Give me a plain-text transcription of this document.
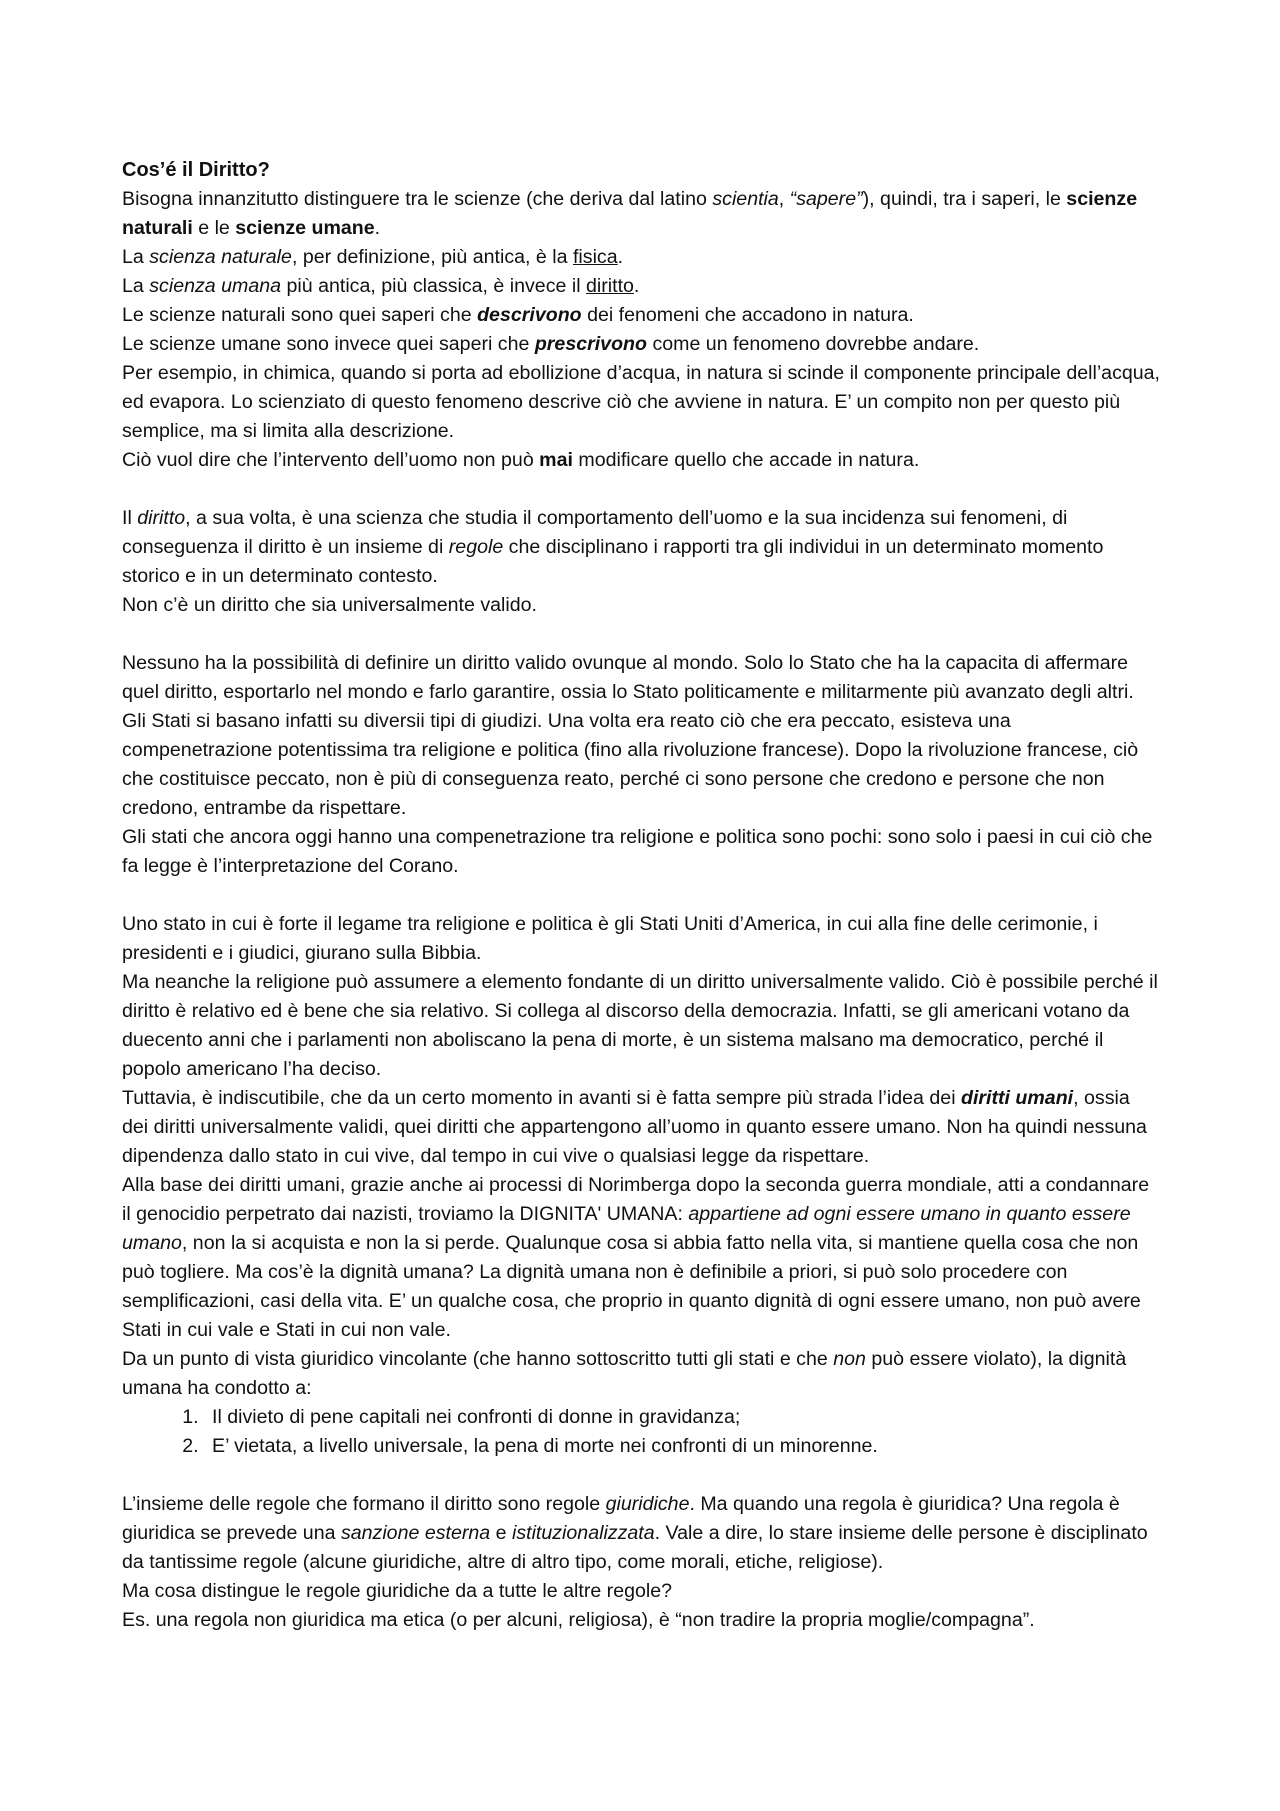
Cos’é il Diritto?

Bisogna innanzitutto distinguere tra le scienze (che deriva dal latino scientia, “sapere”), quindi, tra i saperi, le scienze naturali e le scienze umane.

La scienza naturale, per definizione, più antica, è la fisica.

La scienza umana più antica, più classica, è invece il diritto.

Le scienze naturali sono quei saperi che descrivono dei fenomeni che accadono in natura.

Le scienze umane sono invece quei saperi che prescrivono come un fenomeno dovrebbe andare.

Per esempio, in chimica, quando si porta ad ebollizione d’acqua, in natura si scinde il componente principale dell’acqua, ed evapora. Lo scienziato di questo fenomeno descrive ciò che avviene in natura. E’ un compito non per questo più semplice, ma si limita alla descrizione.

Ciò vuol dire che l’intervento dell’uomo non può mai modificare quello che accade in natura.

Il diritto, a sua volta, è una scienza che studia il comportamento dell’uomo e la sua incidenza sui fenomeni, di conseguenza il diritto è un insieme di regole che disciplinano i rapporti tra gli individui in un determinato momento storico e in un determinato contesto.

Non c’è un diritto che sia universalmente valido.

Nessuno ha la possibilità di definire un diritto valido ovunque al mondo. Solo lo Stato che ha la capacita di affermare quel diritto, esportarlo nel mondo e farlo garantire, ossia lo Stato politicamente e militarmente più avanzato degli altri. Gli Stati si basano infatti su diversii tipi di giudizi. Una volta era reato ciò che era peccato, esisteva una compenetrazione potentissima tra religione e politica (fino alla rivoluzione francese). Dopo la rivoluzione francese, ciò che costituisce peccato, non è più di conseguenza reato, perché ci sono persone che credono e persone che non credono, entrambe da rispettare.

Gli stati che ancora oggi hanno una compenetrazione tra religione e politica sono pochi: sono solo i paesi in cui ciò che fa legge è l’interpretazione del Corano.

Uno stato in cui è forte il legame tra religione e politica è gli Stati Uniti d’America, in cui alla fine delle cerimonie, i presidenti e i giudici, giurano sulla Bibbia.

Ma neanche la religione può assumere a elemento fondante di un diritto universalmente valido. Ciò è possibile perché il diritto è relativo ed è bene che sia relativo. Si collega al discorso della democrazia. Infatti, se gli americani votano da duecento anni che i parlamenti non aboliscano la pena di morte, è un sistema malsano ma democratico, perché il popolo americano l’ha deciso.

Tuttavia, è indiscutibile, che da un certo momento in avanti si è fatta sempre più strada l’idea dei diritti umani, ossia dei diritti universalmente validi, quei diritti che appartengono all’uomo in quanto essere umano. Non ha quindi nessuna dipendenza dallo stato in cui vive, dal tempo in cui vive o qualsiasi legge da rispettare.

Alla base dei diritti umani, grazie anche ai processi di Norimberga dopo la seconda guerra mondiale, atti a condannare il genocidio perpetrato dai nazisti, troviamo la DIGNITA' UMANA: appartiene ad ogni essere umano in quanto essere umano, non la si acquista e non la si perde. Qualunque cosa si abbia fatto nella vita, si mantiene quella cosa che non può togliere. Ma cos’è la dignità umana? La dignità umana non è definibile a priori, si può solo procedere con semplificazioni, casi della vita. E’ un qualche cosa, che proprio in quanto dignità di ogni essere umano, non può avere Stati in cui vale e Stati in cui non vale.

Da un punto di vista giuridico vincolante (che hanno sottoscritto tutti gli stati e che non può essere violato), la dignità umana ha condotto a:

1. Il divieto di pene capitali nei confronti di donne in gravidanza;
2. E’ vietata, a livello universale, la pena di morte nei confronti di un minorenne.

L’insieme delle regole che formano il diritto sono regole giuridiche. Ma quando una regola è giuridica? Una regola è giuridica se prevede una sanzione esterna e istituzionalizzata. Vale a dire, lo stare insieme delle persone è disciplinato da tantissime regole (alcune giuridiche, altre di altro tipo, come morali, etiche, religiose).

Ma cosa distingue le regole giuridiche da a tutte le altre regole?

Es. una regola non giuridica ma etica (o per alcuni, religiosa), è “non tradire la propria moglie/compagna”.
